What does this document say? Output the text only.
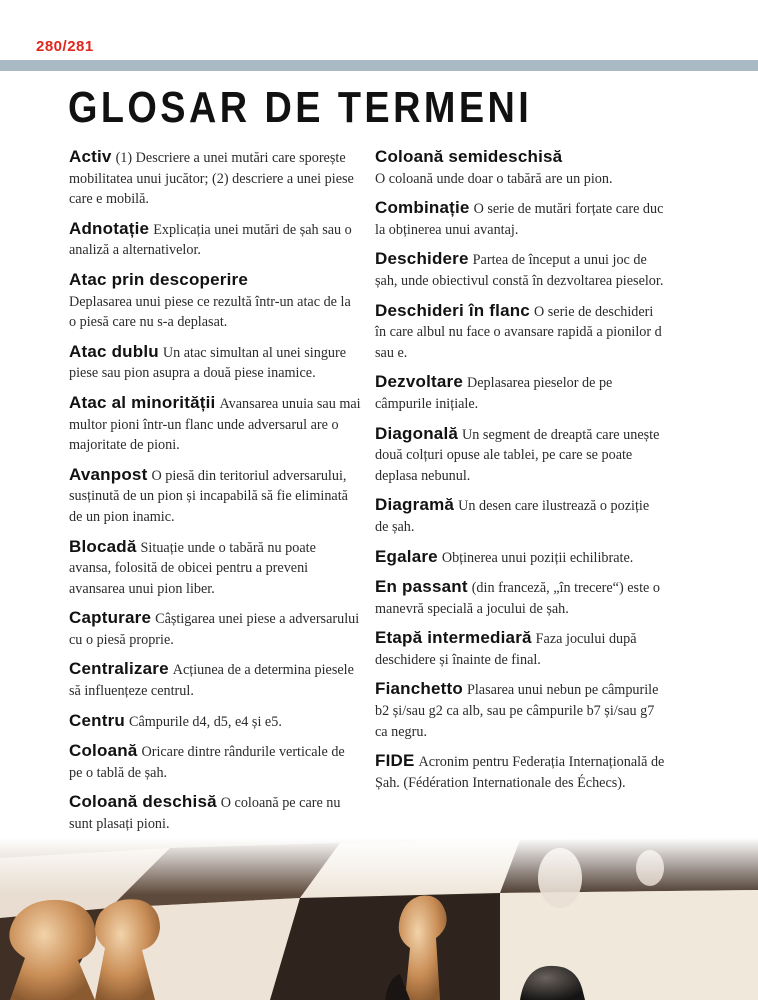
280/281
GLOSAR DE TERMENI

Activ (1) Descriere a unei mutări care sporește mobilitatea unui jucător; (2) descriere a unei piese care e mobilă.

Adnotație Explicația unei mutări de șah sau o analiză a alternativelor.

Atac prin descoperire
Deplasarea unui piese ce rezultă într-un atac de la o piesă care nu s-a deplasat.

Atac dublu Un atac simultan al unei singure piese sau pion asupra a două piese inamice.

Atac al minorității Avansarea unuia sau mai multor pioni într-un flanc unde adversarul are o majoritate de pioni.

Avanpost O piesă din teritoriul adversarului, susținută de un pion și incapabilă să fie eliminată de un pion inamic.

Blocadă Situație unde o tabără nu poate avansa, folosită de obicei pentru a preveni avansarea unui pion liber.

Capturare Câștigarea unei piese a adversarului cu o piesă proprie.

Centralizare Acțiunea de a determina piesele să influențeze centrul.

Centru Câmpurile d4, d5, e4 și e5.

Coloană Oricare dintre rândurile verticale de pe o tablă de șah.

Coloană deschisă O coloană pe care nu sunt plasați pioni.

Coloană semideschisă
O coloană unde doar o tabără are un pion.

Combinație O serie de mutări forțate care duc la obținerea unui avantaj.

Deschidere Partea de început a unui joc de șah, unde obiectivul constă în dezvoltarea pieselor.

Deschideri în flanc O serie de deschideri în care albul nu face o avansare rapidă a pionilor d sau e.

Dezvoltare Deplasarea pieselor de pe câmpurile inițiale.

Diagonală Un segment de dreaptă care unește două colțuri opuse ale tablei, pe care se poate deplasa nebunul.

Diagramă Un desen care ilustrează o poziție de șah.

Egalare Obținerea unui poziții echilibrate.

En passant (din franceză, „în trecere“) este o manevră specială a jocului de șah.

Etapă intermediară Faza jocului după deschidere și înainte de final.

Fianchetto Plasarea unui nebun pe câmpurile b2 și/sau g2 ca alb, sau pe câmpurile b7 și/sau g7 ca negru.

FIDE Acronim pentru Federația Internațională de Șah. (Fédération Internationale des Échecs).
